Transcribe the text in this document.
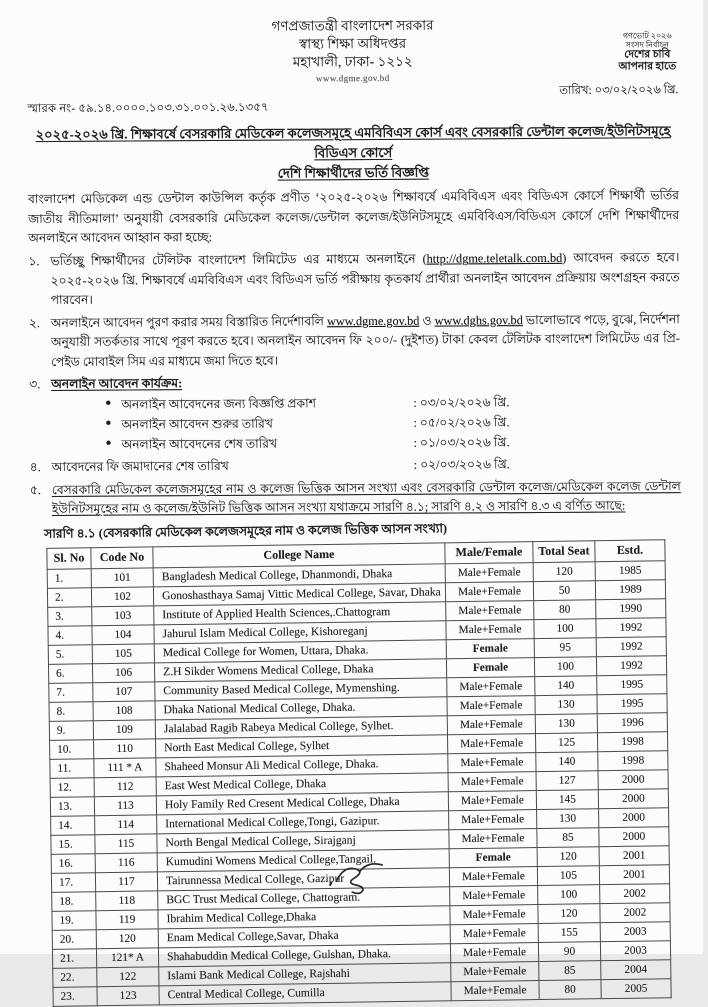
গণপ্রজাতন্ত্রী বাংলাদেশ সরকার
স্বাস্থ্য শিক্ষা অধিদপ্তর
মহাখালী, ঢাকা- ১২১২
www.dgme.gov.bd
গণভোট ২০২৬
সংসদ নির্বাচন
দেশের চাবি
আপনার হাতে
তারিখ: ০৩/০২/২০২৬ খ্রি.
স্মারক নং- ৫৯.১৪.০০০০.১০৩.৩১.০০১.২৬.১৩৫৭
২০২৫-২০২৬ খ্রি. শিক্ষাবর্ষে বেসরকারি মেডিকেল কলেজসমূহে এমবিবিএস কোর্স এবং বেসরকারি ডেন্টাল কলেজ/ইউনিটসমূহে বিডিএস কোর্সে
দেশি শিক্ষার্থীদের ভর্তি বিজ্ঞপ্তি
বাংলাদেশ মেডিকেল এন্ড ডেন্টাল কাউন্সিল কর্তৃক প্রণীত ‘২০২৫-২০২৬ শিক্ষাবর্ষে এমবিবিএস এবং বিডিএস কোর্সে শিক্ষার্থী ভর্তির জাতীয় নীতিমালা’ অনুযায়ী বেসরকারি মেডিকেল কলেজ/ডেন্টাল কলেজ/ইউনিটসমূহে এমবিবিএস/বিডিএস কোর্সে দেশি শিক্ষার্থীদের অনলাইনে আবেদন আহ্বান করা হচ্ছে:
১. ভর্তিচ্ছু শিক্ষার্থীদের টেলিটক বাংলাদেশ লিমিটেড এর মাধ্যমে অনলাইনে (http://dgme.teletalk.com.bd) আবেদন করতে হবে। ২০২৫-২০২৬ খ্রি. শিক্ষাবর্ষে এমবিবিএস এবং বিডিএস ভর্তি পরীক্ষায় কৃতকার্য প্রার্থীরা অনলাইন আবেদন প্রক্রিয়ায় অংশগ্রহন করতে পারবেন।
২. অনলাইনে আবেদন পুরণ করার সময় বিস্তারিত নির্দেশাবলি www.dgme.gov.bd ও www.dghs.gov.bd ভালোভাবে পড়ে, বুঝে, নির্দেশনা অনুযায়ী সতর্কতার সাথে পূরণ করতে হবে। অনলাইন আবেদন ফি ২০০/- (দুইশত) টাকা কেবল টেলিটক বাংলাদেশ লিমিটেড এর প্রি-পেইড মোবাইল সিম এর মাধ্যমে জমা দিতে হবে।
৩. অনলাইন আবেদন কার্যক্রম:
● অনলাইন আবেদনের জন্য বিজ্ঞপ্তি প্রকাশ	: ০৩/০২/২০২৬ খ্রি.
● অনলাইন আবেদন শুরুর তারিখ	: ০৫/০২/২০২৬ খ্রি.
● অনলাইন আবেদনের শেষ তারিখ	: ০১/০৩/২০২৬ খ্রি.
৪. আবেদনের ফি জমাদানের শেষ তারিখ	: ০২/০৩/২০২৬ খ্রি.
৫. বেসরকারি মেডিকেল কলেজসমূহের নাম ও কলেজ ভিত্তিক আসন সংখ্যা এবং বেসরকারি ডেন্টাল কলেজ/মেডিকেল কলেজ ডেন্টাল ইউনিটসমূহের নাম ও কলেজ/ইউনিট ভিত্তিক আসন সংখ্যা যথাক্রমে সারণি ৪.১; সারণি ৪.২ ও সারণি ৪.৩ এ বর্ণিত আছে:
সারণি ৪.১ (বেসরকারি মেডিকেল কলেজসমূহের নাম ও কলেজ ভিত্তিক আসন সংখ্যা)
Sl. No	Code No	College Name	Male/Female	Total Seat	Estd.
1.	101	Bangladesh Medical College, Dhanmondi, Dhaka	Male+Female	120	1985
2.	102	Gonoshasthaya Samaj Vittic Medical College, Savar, Dhaka	Male+Female	50	1989
3.	103	Institute of Applied Health Sciences,.Chattogram	Male+Female	80	1990
4.	104	Jahurul Islam Medical College, Kishoreganj	Male+Female	100	1992
5.	105	Medical College for Women, Uttara, Dhaka.	Female	95	1992
6.	106	Z.H Sikder Womens Medical College, Dhaka	Female	100	1992
7.	107	Community Based Medical College, Mymenshing.	Male+Female	140	1995
8.	108	Dhaka National Medical College, Dhaka.	Male+Female	130	1995
9.	109	Jalalabad Ragib Rabeya Medical College, Sylhet.	Male+Female	130	1996
10.	110	North East Medical College, Sylhet	Male+Female	125	1998
11.	111 * A	Shaheed Monsur Ali Medical College, Dhaka.	Male+Female	140	1998
12.	112	East West Medical College, Dhaka	Male+Female	127	2000
13.	113	Holy Family Red Cresent Medical College, Dhaka	Male+Female	145	2000
14.	114	International Medical College,Tongi, Gazipur.	Male+Female	130	2000
15.	115	North Bengal Medical College, Sirajganj	Male+Female	85	2000
16.	116	Kumudini Womens Medical College,Tangail.	Female	120	2001
17.	117	Tairunnessa Medical College, Gazipur	Male+Female	105	2001
18.	118	BGC Trust Medical College, Chattogram.	Male+Female	100	2002
19.	119	Ibrahim Medical College,Dhaka	Male+Female	120	2002
20.	120	Enam Medical College,Savar, Dhaka	Male+Female	155	2003
21.	121* A	Shahabuddin Medical College, Gulshan, Dhaka.	Male+Female	90	2003
22.	122	Islami Bank Medical College, Rajshahi	Male+Female	85	2004
23.	123	Central Medical College, Cumilla	Male+Female	80	2005
